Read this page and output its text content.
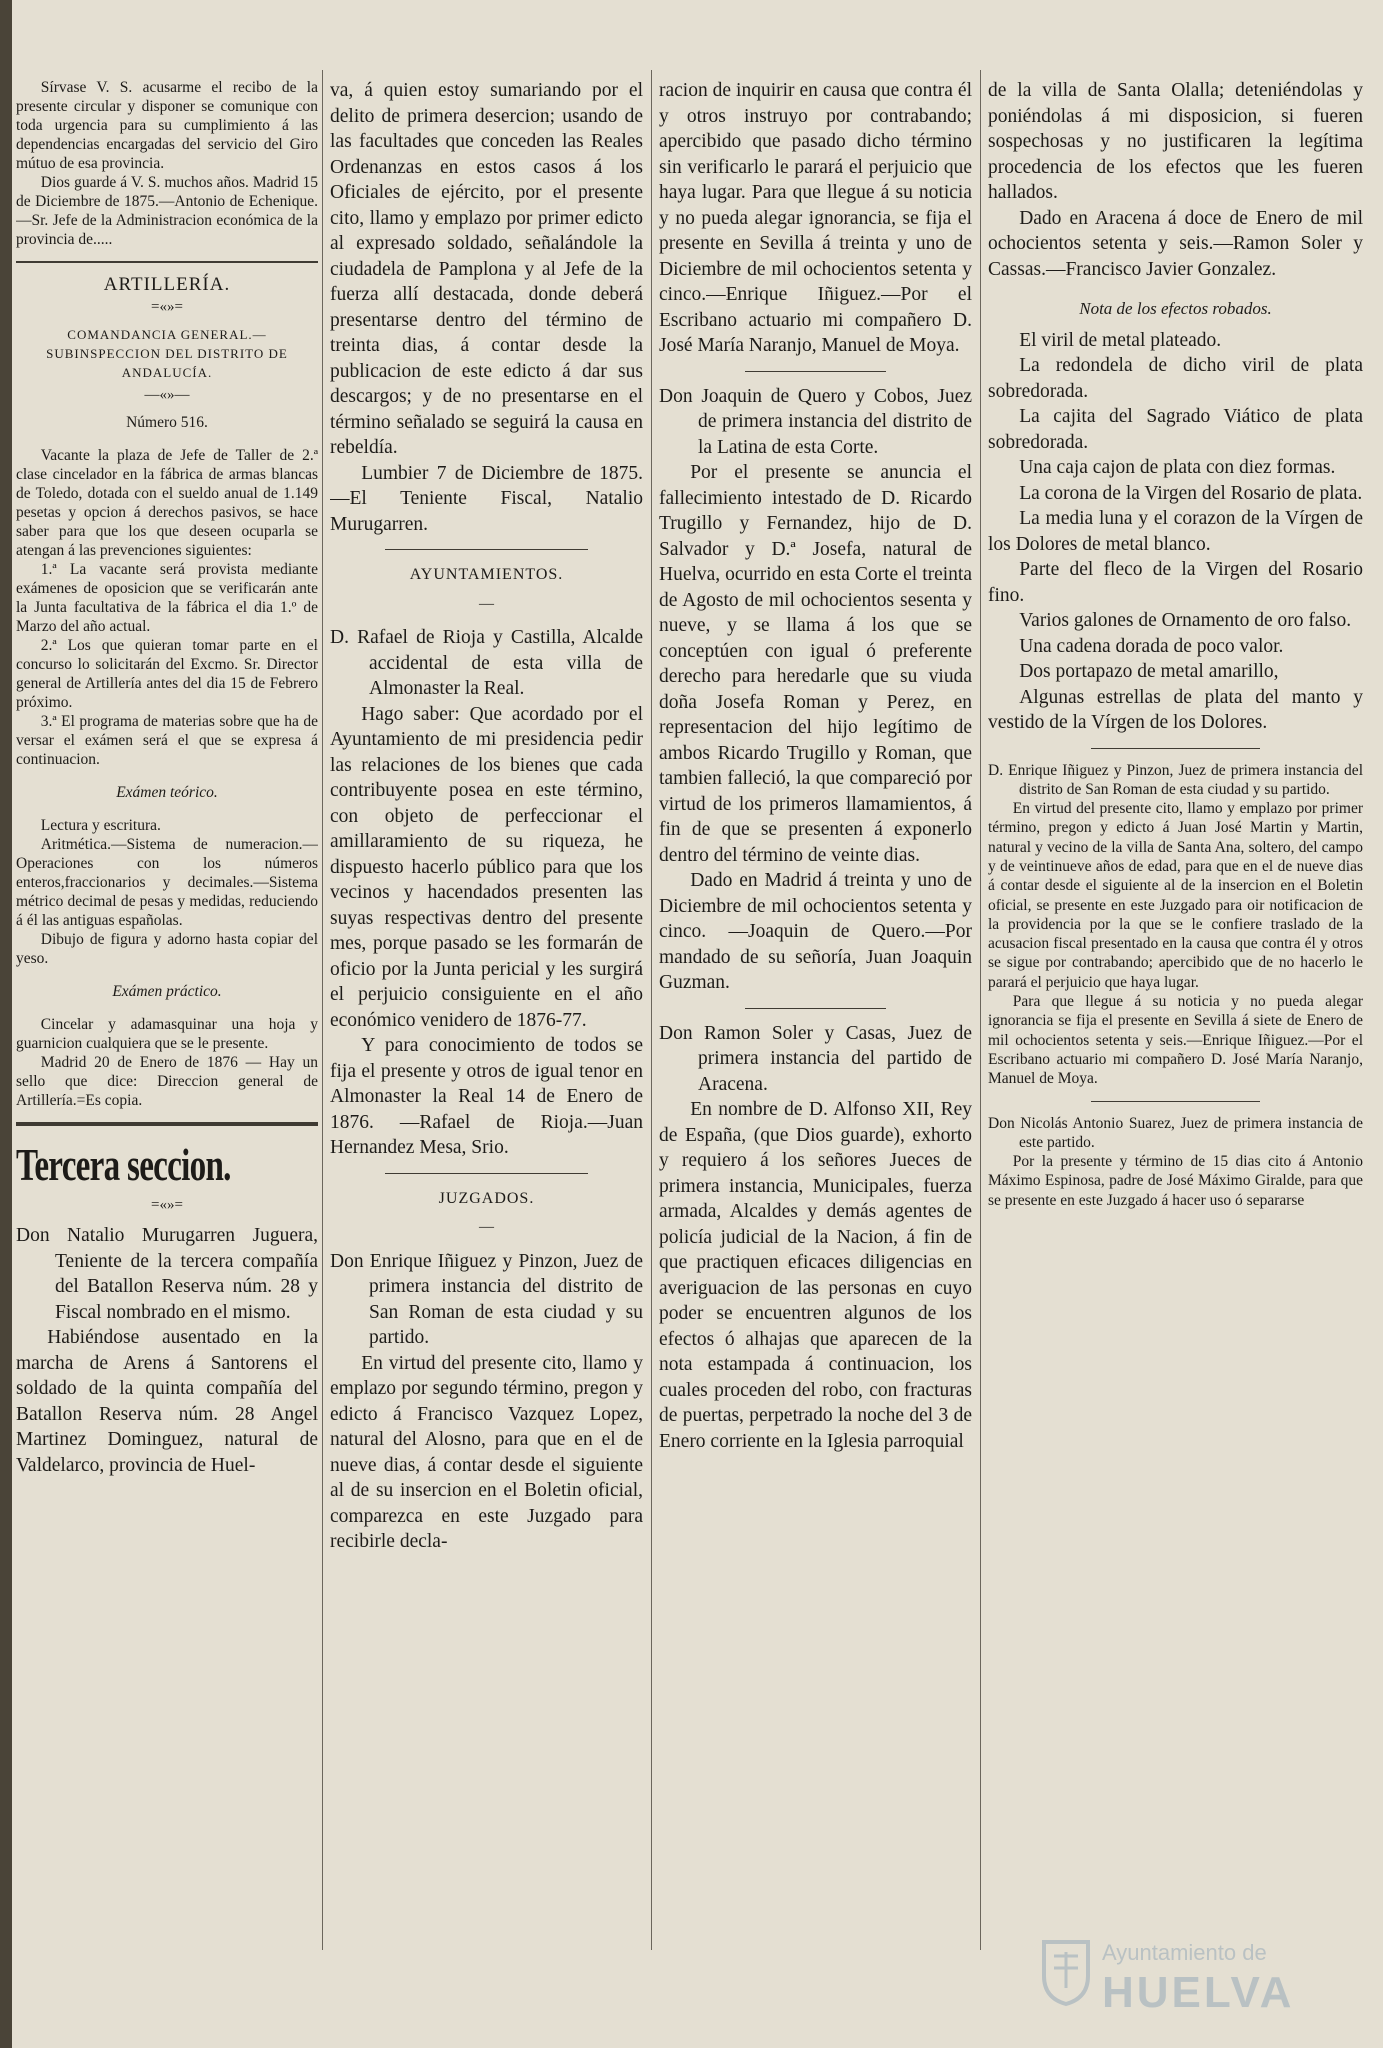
Sírvase V. S. acusarme el recibo de la presente circular y disponer se comunique con toda urgencia para su cumplimiento á las dependencias encargadas del servicio del Giro mútuo de esa provincia.

Dios guarde á V. S. muchos años. Madrid 15 de Diciembre de 1875.—Antonio de Echenique.—Sr. Jefe de la Administracion económica de la provincia de.....

ARTILLERÍA.
=«»=

COMANDANCIA GENERAL.—SUBINSPECCION DEL DISTRITO DE ANDALUCÍA.

—«»—

Número 516.

Vacante la plaza de Jefe de Taller de 2.ª clase cincelador en la fábrica de armas blancas de Toledo, dotada con el sueldo anual de 1.149 pesetas y opcion á derechos pasivos, se hace saber para que los que deseen ocuparla se atengan á las prevenciones siguientes:

1.ª La vacante será provista mediante exámenes de oposicion que se verificarán ante la Junta facultativa de la fábrica el dia 1.º de Marzo del año actual.

2.ª Los que quieran tomar parte en el concurso lo solicitarán del Excmo. Sr. Director general de Artillería antes del dia 15 de Febrero próximo.

3.ª El programa de materias sobre que ha de versar el exámen será el que se expresa á continuacion.

Exámen teórico.

Lectura y escritura.

Aritmética.—Sistema de numeracion.—Operaciones con los números enteros,fraccionarios y decimales.—Sistema métrico decimal de pesas y medidas, reduciendo á él las antiguas españolas.

Dibujo de figura y adorno hasta copiar del yeso.

Exámen práctico.

Cincelar y adamasquinar una hoja y guarnicion cualquiera que se le presente.

Madrid 20 de Enero de 1876 — Hay un sello que dice: Direccion general de Artillería.=Es copia.

Tercera seccion.
=«»=

Don Natalio Murugarren Juguera, Teniente de la tercera compañía del Batallon Reserva núm. 28 y Fiscal nombrado en el mismo.

Habiéndose ausentado en la marcha de Arens á Santorens el soldado de la quinta compañía del Batallon Reserva núm. 28 Angel Martinez Dominguez, natural de Valdelarco, provincia de Huel-

va, á quien estoy sumariando por el delito de primera desercion; usando de las facultades que conceden las Reales Ordenanzas en estos casos á los Oficiales de ejército, por el presente cito, llamo y emplazo por primer edicto al expresado soldado, señalándole la ciudadela de Pamplona y al Jefe de la fuerza allí destacada, donde deberá presentarse dentro del término de treinta dias, á contar desde la publicacion de este edicto á dar sus descargos; y de no presentarse en el término señalado se seguirá la causa en rebeldía.

Lumbier 7 de Diciembre de 1875.—El Teniente Fiscal, Natalio Murugarren.

AYUNTAMIENTOS.
—

D. Rafael de Rioja y Castilla, Alcalde accidental de esta villa de Almonaster la Real.

Hago saber: Que acordado por el Ayuntamiento de mi presidencia pedir las relaciones de los bienes que cada contribuyente posea en este término, con objeto de perfeccionar el amillaramiento de su riqueza, he dispuesto hacerlo público para que los vecinos y hacendados presenten las suyas respectivas dentro del presente mes, porque pasado se les formarán de oficio por la Junta pericial y les surgirá el perjuicio consiguiente en el año económico venidero de 1876-77.

Y para conocimiento de todos se fija el presente y otros de igual tenor en Almonaster la Real 14 de Enero de 1876. —Rafael de Rioja.—Juan Hernandez Mesa, Srio.

JUZGADOS.
—

Don Enrique Iñiguez y Pinzon, Juez de primera instancia del distrito de San Roman de esta ciudad y su partido.

En virtud del presente cito, llamo y emplazo por segundo término, pregon y edicto á Francisco Vazquez Lopez, natural del Alosno, para que en el de nueve dias, á contar desde el siguiente al de su insercion en el Boletin oficial, comparezca en este Juzgado para recibirle decla-

racion de inquirir en causa que contra él y otros instruyo por contrabando; apercibido que pasado dicho término sin verificarlo le parará el perjuicio que haya lugar. Para que llegue á su noticia y no pueda alegar ignorancia, se fija el presente en Sevilla á treinta y uno de Diciembre de mil ochocientos setenta y cinco.—Enrique Iñiguez.—Por el Escribano actuario mi compañero D. José María Naranjo, Manuel de Moya.

Don Joaquin de Quero y Cobos, Juez de primera instancia del distrito de la Latina de esta Corte.

Por el presente se anuncia el fallecimiento intestado de D. Ricardo Trugillo y Fernandez, hijo de D. Salvador y D.ª Josefa, natural de Huelva, ocurrido en esta Corte el treinta de Agosto de mil ochocientos sesenta y nueve, y se llama á los que se conceptúen con igual ó preferente derecho para heredarle que su viuda doña Josefa Roman y Perez, en representacion del hijo legítimo de ambos Ricardo Trugillo y Roman, que tambien falleció, la que compareció por virtud de los primeros llamamientos, á fin de que se presenten á exponerlo dentro del término de veinte dias.

Dado en Madrid á treinta y uno de Diciembre de mil ochocientos setenta y cinco. —Joaquin de Quero.—Por mandado de su señoría, Juan Joaquin Guzman.

Don Ramon Soler y Casas, Juez de primera instancia del partido de Aracena.

En nombre de D. Alfonso XII, Rey de España, (que Dios guarde), exhorto y requiero á los señores Jueces de primera instancia, Municipales, fuerza armada, Alcaldes y demás agentes de policía judicial de la Nacion, á fin de que practiquen eficaces diligencias en averiguacion de las personas en cuyo poder se encuentren algunos de los efectos ó alhajas que aparecen de la nota estampada á continuacion, los cuales proceden del robo, con fracturas de puertas, perpetrado la noche del 3 de Enero corriente en la Iglesia parroquial

de la villa de Santa Olalla; deteniéndolas y poniéndolas á mi disposicion, si fueren sospechosas y no justificaren la legítima procedencia de los efectos que les fueren hallados.

Dado en Aracena á doce de Enero de mil ochocientos setenta y seis.—Ramon Soler y Cassas.—Francisco Javier Gonzalez.

Nota de los efectos robados.

El viril de metal plateado.

La redondela de dicho viril de plata sobredorada.

La cajita del Sagrado Viático de plata sobredorada.

Una caja cajon de plata con diez formas.

La corona de la Virgen del Rosario de plata.

La media luna y el corazon de la Vírgen de los Dolores de metal blanco.

Parte del fleco de la Virgen del Rosario fino.

Varios galones de Ornamento de oro falso.

Una cadena dorada de poco valor.

Dos portapazo de metal amarillo,

Algunas estrellas de plata del manto y vestido de la Vírgen de los Dolores.

D. Enrique Iñiguez y Pinzon, Juez de primera instancia del distrito de San Roman de esta ciudad y su partido.

En virtud del presente cito, llamo y emplazo por primer término, pregon y edicto á Juan José Martin y Martin, natural y vecino de la villa de Santa Ana, soltero, del campo y de veintinueve años de edad, para que en el de nueve dias á contar desde el siguiente al de la insercion en el Boletin oficial, se presente en este Juzgado para oir notificacion de la providencia por la que se le confiere traslado de la acusacion fiscal presentado en la causa que contra él y otros se sigue por contrabando; apercibido que de no hacerlo le parará el perjuicio que haya lugar.

Para que llegue á su noticia y no pueda alegar ignorancia se fija el presente en Sevilla á siete de Enero de mil ochocientos setenta y seis.—Enrique Iñiguez.—Por el Escribano actuario mi compañero D. José María Naranjo, Manuel de Moya.

Don Nicolás Antonio Suarez, Juez de primera instancia de este partido.

Por la presente y término de 15 dias cito á Antonio Máximo Espinosa, padre de José Máximo Giralde, para que se presente en este Juzgado á hacer uso ó separarse

Ayuntamiento de
HUELVA
